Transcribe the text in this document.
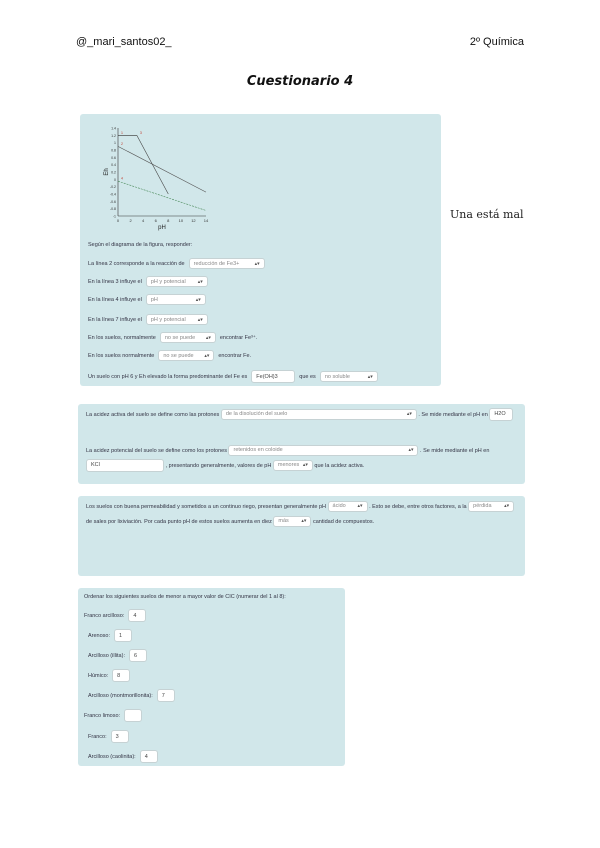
@_mari_santos02_	2º Química
Cuestionario 4
1.4
1.2
1
0.8
0.6
0.4
0.2
0
-0.2
-0.4
-0.6
-0.8
-1
0	2	4	6	8 10 12 14
pH
Eh
1
2
3
4
Según el diagrama de la figura, responder:
La línea 2 corresponde a la reacción de reducción de Fe3+	▴▾
En la línea 3 influye el pH y potencial ▴▾
En la línea 4 influye el pH	▴▾
En la línea 7 influye el pH y potencial ▴▾
En los suelos, normalmente no se puede ▴▾ encontrar Fe³⁺.
En los suelos normalmente no se puede ▴▾ encontrar Fe.
Un suelo con pH 6 y Eh elevado la forma predominante del Fe es	Fe(OH)3	que es no soluble	▴▾
Una está mal
La acidez activa del suelo se define como las protones de la disolución del suelo	▴▾ . Se mide mediante el pH en H2O
La acidez potencial del suelo se define como los protones retenidos en coloide	▴▾ . Se mide mediante el pH en KCl	, presentando generalmente, valores de pH menores ▴▾ que la acidez activa.
Los suelos con buena permeabilidad y sometidos a un continuo riego, presentan generalmente pH ácido ▴▾ . Esto se debe, entre otros factores, a la pérdida	▴▾
de sales por lixiviación. Por cada punto pH de estos suelos aumenta en diez más	▴▾ cantidad de compuestos.
Ordenar los siguientes suelos de menor a mayor valor de CIC (numerar del 1 al 8):
Franco arcilloso:	4
Arenoso:	1
Arcilloso (illita):	6
Húmico:	8
Arcilloso (montmorillonita):	7
Franco limoso:
Franco:	3
Arcilloso (caolinita):	4
